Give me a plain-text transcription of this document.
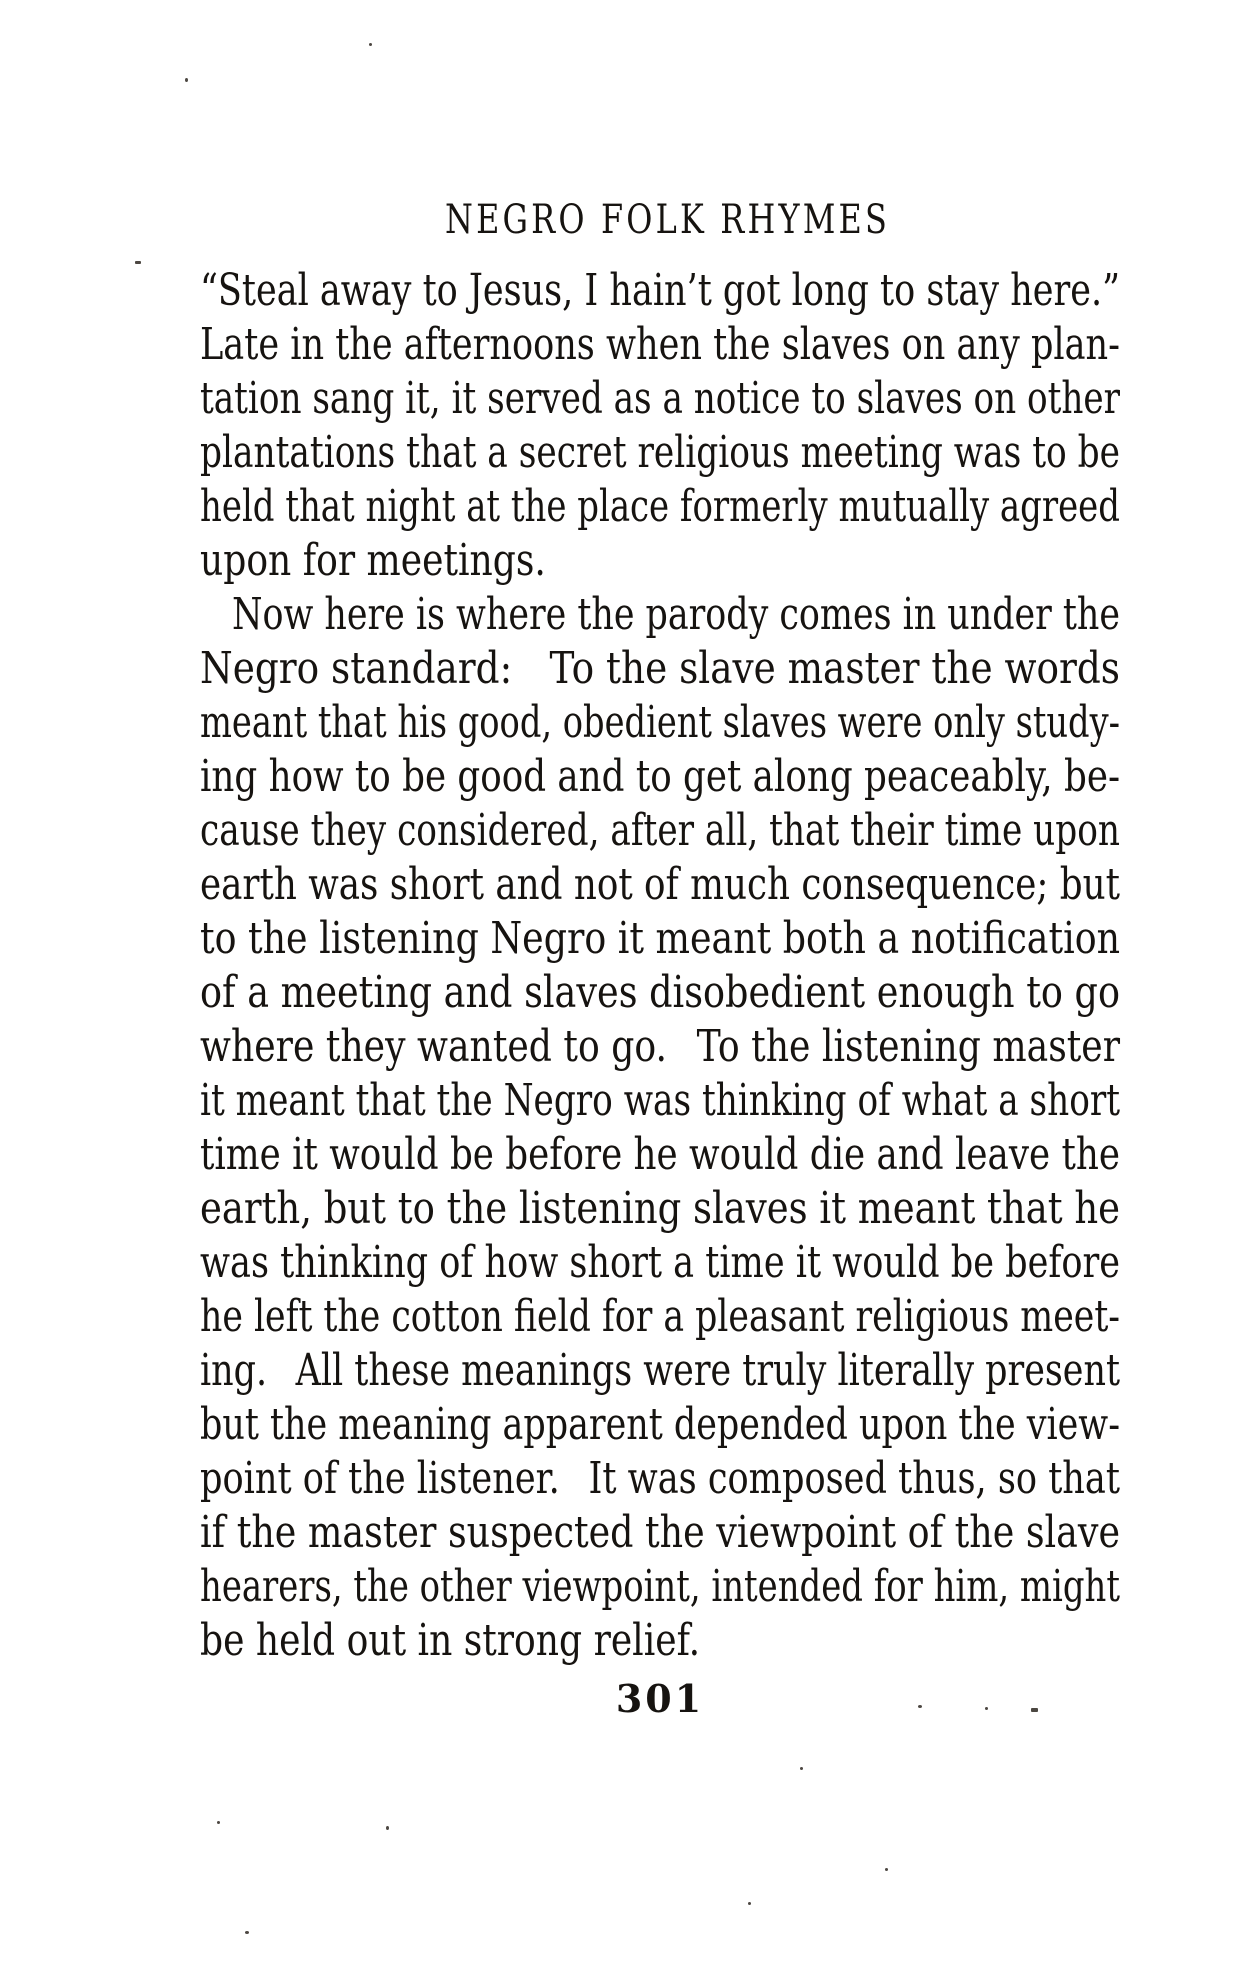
NEGRO FOLK RHYMES
“Steal away to Jesus, I hain’t got long to stay here.”
Late in the afternoons when the slaves on any plan-
tation sang it, it served as a notice to slaves on other
plantations that a secret religious meeting was to be
held that night at the place formerly mutually agreed
upon for meetings.
Now here is where the parody comes in under the
Negro standard: To the slave master the words
meant that his good, obedient slaves were only study-
ing how to be good and to get along peaceably, be-
cause they considered, after all, that their time upon
earth was short and not of much consequence; but
to the listening Negro it meant both a notification
of a meeting and slaves disobedient enough to go
where they wanted to go.  To the listening master
it meant that the Negro was thinking of what a short
time it would be before he would die and leave the
earth, but to the listening slaves it meant that he
was thinking of how short a time it would be before
he left the cotton field for a pleasant religious meet-
ing.  All these meanings were truly literally present
but the meaning apparent depended upon the view-
point of the listener.  It was composed thus, so that
if the master suspected the viewpoint of the slave
hearers, the other viewpoint, intended for him, might
be held out in strong relief.
301
